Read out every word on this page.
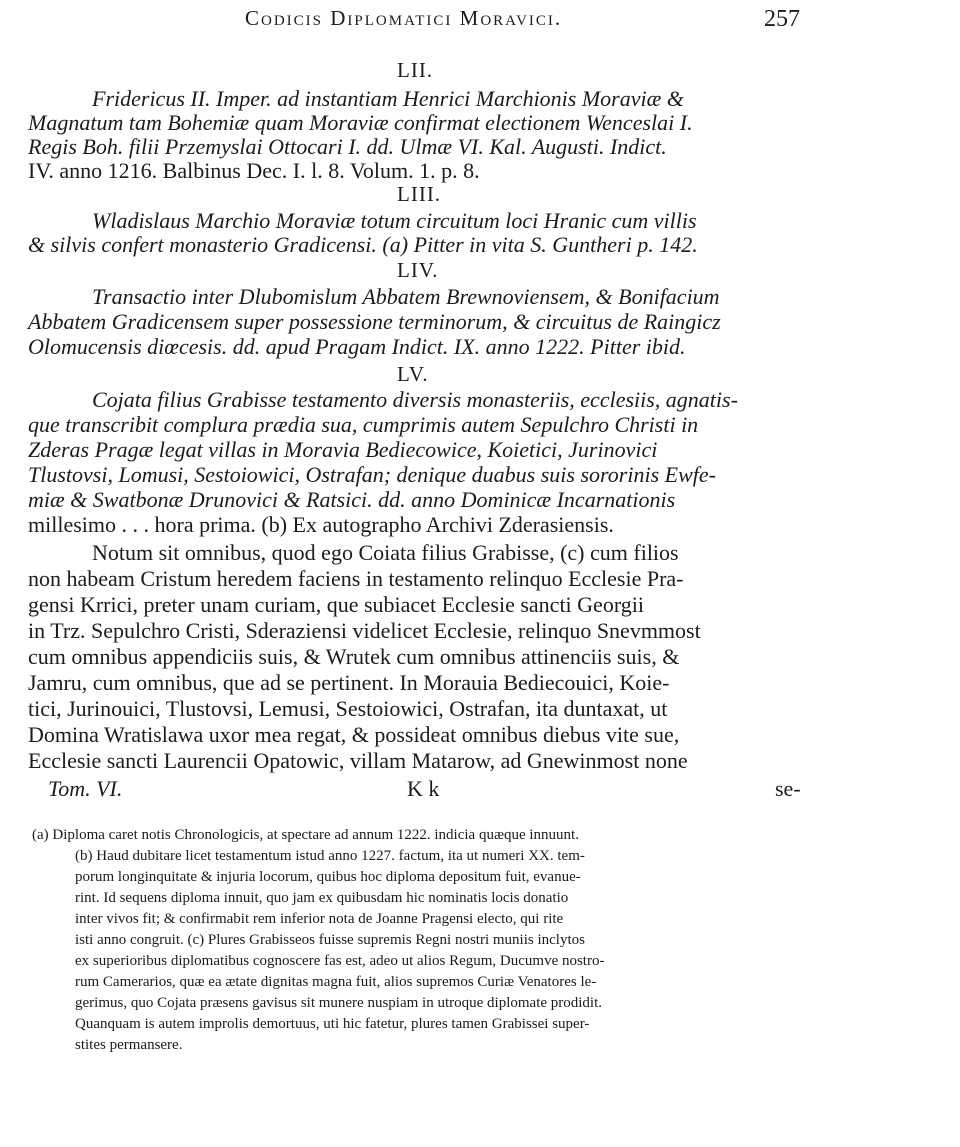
Codicis Diplomatici Moravici.	257
LII.
Fridericus II. Imper. ad instantiam Henrici Marchionis Moraviæ &
Magnatum tam Bohemiæ quam Moraviæ confirmat electionem Wenceslai I.
Regis Boh. filii Przemyslai Ottocari I. dd. Ulmæ VI. Kal. Augusti. Indict.
IV. anno 1216. Balbinus Dec. I. l. 8. Volum. 1. p. 8.
LIII.
Wladislaus Marchio Moraviæ totum circuitum loci Hranic cum villis
& silvis confert monasterio Gradicensi. (a) Pitter in vita S. Guntheri p. 142.
LIV.
Transactio inter Dlubomislum Abbatem Brewnoviensem, & Bonifacium
Abbatem Gradicensem super possessione terminorum, & circuitus de Raingicz
Olomucensis diœcesis. dd. apud Pragam Indict. IX. anno 1222. Pitter ibid.
LV.
Cojata filius Grabisse testamento diversis monasteriis, ecclesiis, agnatis-
que transcribit complura prædia sua, cumprimis autem Sepulchro Christi in
Zderas Pragæ legat villas in Moravia Bediecowice, Koietici, Jurinovici
Tlustovsi, Lomusi, Sestoiowici, Ostrafan; denique duabus suis sororinis Ewfe-
miæ & Swatbonæ Drunovici & Ratsici. dd. anno Dominicæ Incarnationis
millesimo . . . hora prima. (b) Ex autographo Archivi Zderasiensis.
Notum sit omnibus, quod ego Coiata filius Grabisse, (c) cum filios
non habeam Cristum heredem faciens in testamento relinquo Ecclesie Pra-
gensi Krrici, preter unam curiam, que subiacet Ecclesie sancti Georgii
in Trz. Sepulchro Cristi, Sderaziensi videlicet Ecclesie, relinquo Snevmmost
cum omnibus appendiciis suis, & Wrutek cum omnibus attinenciis suis, &
Jamru, cum omnibus, que ad se pertinent. In Morauia Bediecouici, Koie-
tici, Jurinouici, Tlustovsi, Lemusi, Sestoiowici, Ostrafan, ita duntaxat, ut
Domina Wratislawa uxor mea regat, & possideat omnibus diebus vite sue,
Ecclesie sancti Laurencii Opatowic, villam Matarow, ad Gnewinmost none
Tom. VI.	K k	se-
(a) Diploma caret notis Chronologicis, at spectare ad annum 1222. indicia quæque innuunt.
(b) Haud dubitare licet testamentum istud anno 1227. factum, ita ut numeri XX. tem-
porum longinquitate & injuria locorum, quibus hoc diploma depositum fuit, evanue-
rint. Id sequens diploma innuit, quo jam ex quibusdam hic nominatis locis donatio
inter vivos fit; & confirmabit rem inferior nota de Joanne Pragensi electo, qui rite
isti anno congruit. (c) Plures Grabisseos fuisse supremis Regni nostri muniis inclytos
ex superioribus diplomatibus cognoscere fas est, adeo ut alios Regum, Ducumve nostro-
rum Camerarios, quæ ea ætate dignitas magna fuit, alios supremos Curiæ Venatores le-
gerimus, quo Cojata præsens gavisus sit munere nuspiam in utroque diplomate prodidit.
Quanquam is autem improlis demortuus, uti hic fatetur, plures tamen Grabissei super-
stites permansere.
